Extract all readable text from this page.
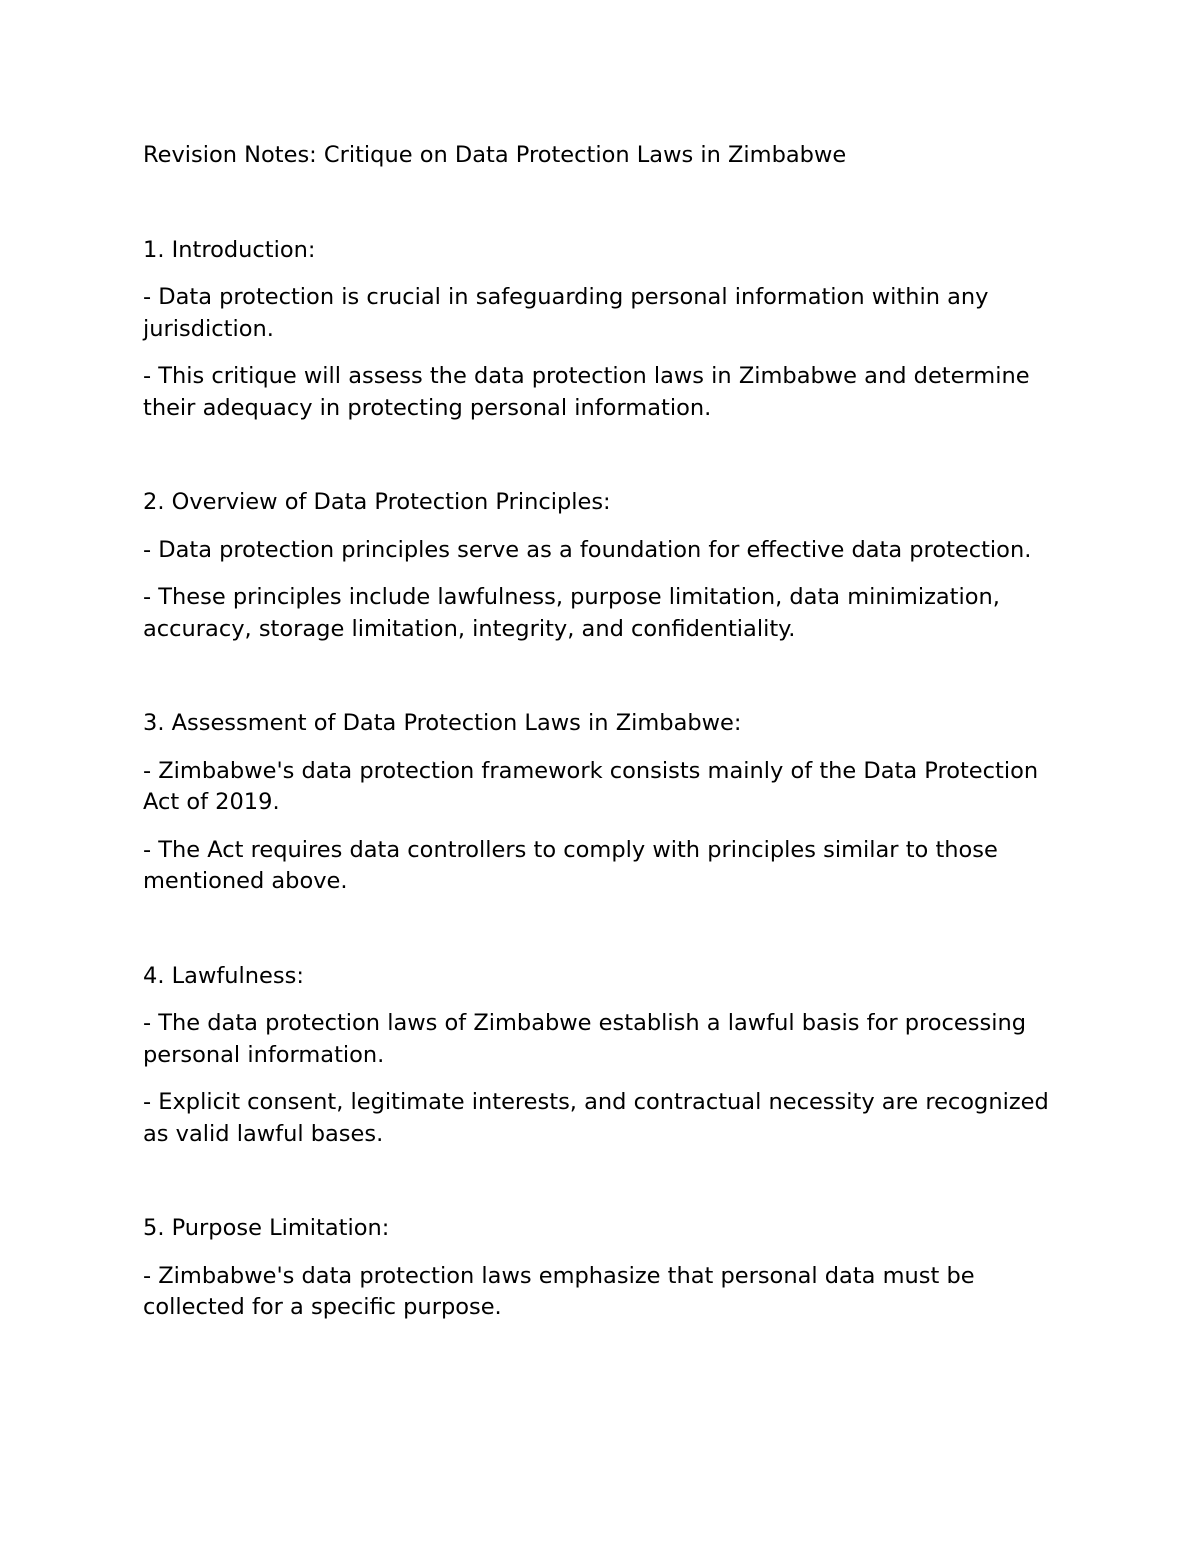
Revision Notes: Critique on Data Protection Laws in Zimbabwe
1. Introduction:

- Data protection is crucial in safeguarding personal information within any jurisdiction.

- This critique will assess the data protection laws in Zimbabwe and determine their adequacy in protecting personal information.

2. Overview of Data Protection Principles:

- Data protection principles serve as a foundation for effective data protection.

- These principles include lawfulness, purpose limitation, data minimization, accuracy, storage limitation, integrity, and confidentiality.

3. Assessment of Data Protection Laws in Zimbabwe:

- Zimbabwe's data protection framework consists mainly of the Data Protection Act of 2019.

- The Act requires data controllers to comply with principles similar to those mentioned above.

4. Lawfulness:

- The data protection laws of Zimbabwe establish a lawful basis for processing personal information.

- Explicit consent, legitimate interests, and contractual necessity are recognized as valid lawful bases.

5. Purpose Limitation:

- Zimbabwe's data protection laws emphasize that personal data must be collected for a specific purpose.
